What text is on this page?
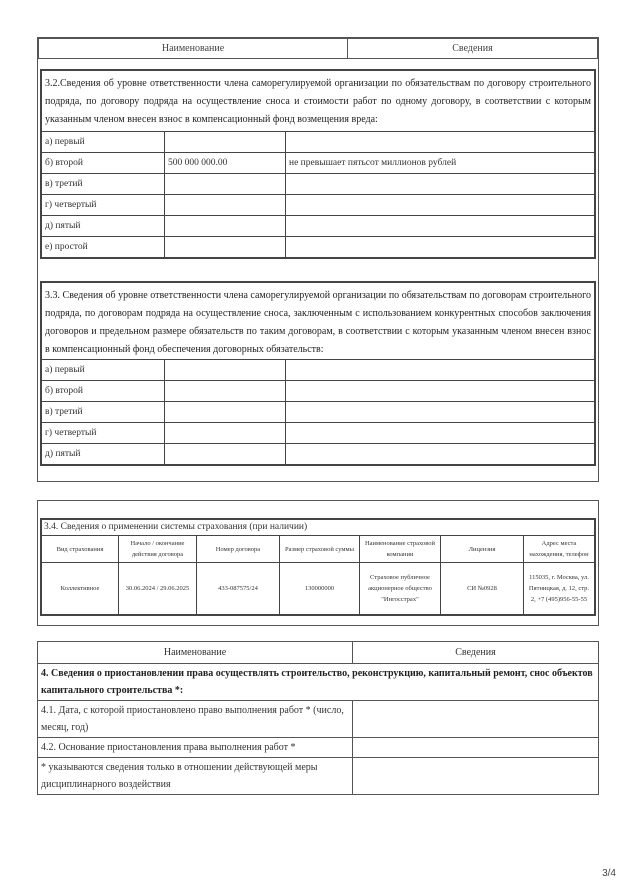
Наименование	Сведения
3.2.Сведения об уровне ответственности члена саморегулируемой организации по обязательствам по договору строительного подряда, по договору подряда на осуществление сноса и стоимости работ по одному договору, в соответствии с которым указанным членом внесен взнос в компенсационный фонд возмещения вреда:		
а) первый		
б) второй	500 000 000.00	не превышает пятьсот миллионов рублей
в) третий		
г) четвертый		
д) пятый		
е) простой		
3.3. Сведения об уровне ответственности члена саморегулируемой организации по обязательствам по договорам строительного подряда, по договорам подряда на осуществление сноса, заключенным с использованием конкурентных способов заключения договоров и предельном размере обязательств по таким договорам, в соответствии с которым указанным членом внесен взнос в компенсационный фонд обеспечения договорных обязательств:		
а) первый		
б) второй		
в) третий		
г) четвертый		
д) пятый		
3.4. Сведения о применении системы страхования (при наличии)						
Вид страхования	Начало / окончание действия договора	Номер договора	Размер страховой суммы	Наименование страховой компании	Лицензия	Адрес места нахождения, телефон
Коллективное	30.06.2024 / 29.06.2025	433-087575/24	130000000	Страховое публичное акционерное общество "Ингосстрах"	СИ №0928	115035, г. Москва, ул. Пятницкая, д. 12, стр. 2, +7 (495)956-55-55
Наименование	Сведения
4. Сведения о приостановлении права осуществлять строительство, реконструкцию, капитальный ремонт, снос объектов капитального строительства *:	
4.1. Дата, с которой приостановлено право выполнения работ * (число, месяц, год)	
4.2. Основание приостановления права выполнения работ *	
* указываются сведения только в отношении действующей меры дисциплинарного воздействия	
3/4
